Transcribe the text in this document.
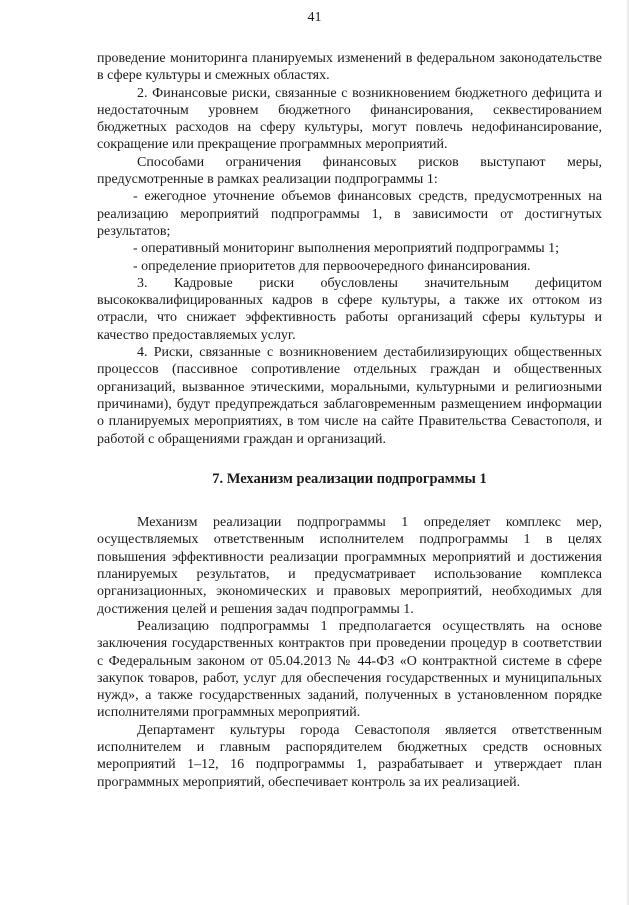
41

проведение мониторинга планируемых изменений в федеральном законодательстве в сфере культуры и смежных областях.

2. Финансовые риски, связанные с возникновением бюджетного дефицита и недостаточным уровнем бюджетного финансирования, секвестированием бюджетных расходов на сферу культуры, могут повлечь недофинансирование, сокращение или прекращение программных мероприятий.

Способами ограничения финансовых рисков выступают меры, предусмотренные в рамках реализации подпрограммы 1:

- ежегодное уточнение объемов финансовых средств, предусмотренных на реализацию мероприятий подпрограммы 1, в зависимости от достигнутых результатов;

- оперативный мониторинг выполнения мероприятий подпрограммы 1;

- определение приоритетов для первоочередного финансирования.

3. Кадровые риски обусловлены значительным дефицитом высококвалифицированных кадров в сфере культуры, а также их оттоком из отрасли, что снижает эффективность работы организаций сферы культуры и качество предоставляемых услуг.

4. Риски, связанные с возникновением дестабилизирующих общественных процессов (пассивное сопротивление отдельных граждан и общественных организаций, вызванное этическими, моральными, культурными и религиозными причинами), будут предупреждаться заблаговременным размещением информации о планируемых мероприятиях, в том числе на сайте Правительства Севастополя, и работой с обращениями граждан и организаций.

7. Механизм реализации подпрограммы 1

Механизм реализации подпрограммы 1 определяет комплекс мер, осуществляемых ответственным исполнителем подпрограммы 1 в целях повышения эффективности реализации программных мероприятий и достижения планируемых результатов, и предусматривает использование комплекса организационных, экономических и правовых мероприятий, необходимых для достижения целей и решения задач подпрограммы 1.

Реализацию подпрограммы 1 предполагается осуществлять на основе заключения государственных контрактов при проведении процедур в соответствии с Федеральным законом от 05.04.2013 № 44-ФЗ «О контрактной системе в сфере закупок товаров, работ, услуг для обеспечения государственных и муниципальных нужд», а также государственных заданий, полученных в установленном порядке исполнителями программных мероприятий.

Департамент культуры города Севастополя является ответственным исполнителем и главным распорядителем бюджетных средств основных мероприятий 1–12, 16 подпрограммы 1, разрабатывает и утверждает план программных мероприятий, обеспечивает контроль за их реализацией.
